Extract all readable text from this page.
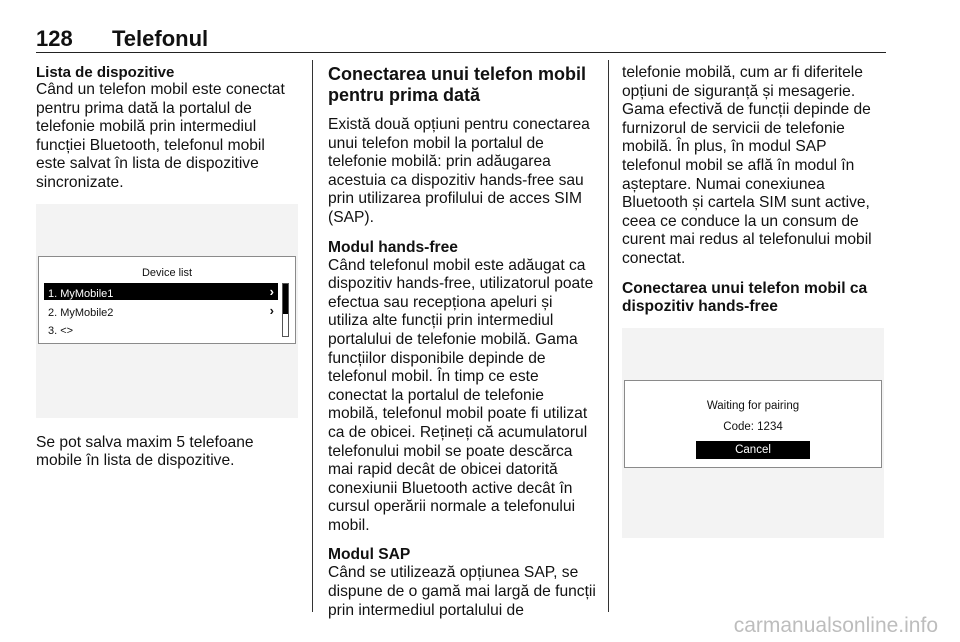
128 Telefonul
Lista de dispozitive

Când un telefon mobil este conectat pentru prima dată la portalul de telefonie mobilă prin intermediul funcției Bluetooth, telefonul mobil este salvat în lista de dispozitive sincronizate.

Device list
1. MyMobile1	›
2. MyMobile2	›
3. <>

Se pot salva maxim 5 telefoane mobile în lista de dispozitive.

Conectarea unui telefon mobil pentru prima dată

Există două opțiuni pentru conectarea unui telefon mobil la portalul de telefonie mobilă: prin adăugarea acestuia ca dispozitiv hands-free sau prin utilizarea profilului de acces SIM (SAP).

Modul hands-free

Când telefonul mobil este adăugat ca dispozitiv hands-free, utilizatorul poate efectua sau recepționa apeluri și utiliza alte funcții prin intermediul portalului de telefonie mobilă. Gama funcțiilor disponibile depinde de telefonul mobil. În timp ce este conectat la portalul de telefonie mobilă, telefonul mobil poate fi utilizat ca de obicei. Rețineți că acumulatorul telefonului mobil se poate descărca mai rapid decât de obicei datorită conexiunii Bluetooth active decât în cursul operării normale a telefonului mobil.

Modul SAP

Când se utilizează opțiunea SAP, se dispune de o gamă mai largă de funcții prin intermediul portalului de

telefonie mobilă, cum ar fi diferitele opțiuni de siguranță și mesagerie. Gama efectivă de funcții depinde de furnizorul de servicii de telefonie mobilă. În plus, în modul SAP telefonul mobil se află în modul în așteptare. Numai conexiunea Bluetooth și cartela SIM sunt active, ceea ce conduce la un consum de curent mai redus al telefonului mobil conectat.

Conectarea unui telefon mobil ca dispozitiv hands-free
Waiting for pairing
Code: 1234
Cancel
carmanualsonline.info
